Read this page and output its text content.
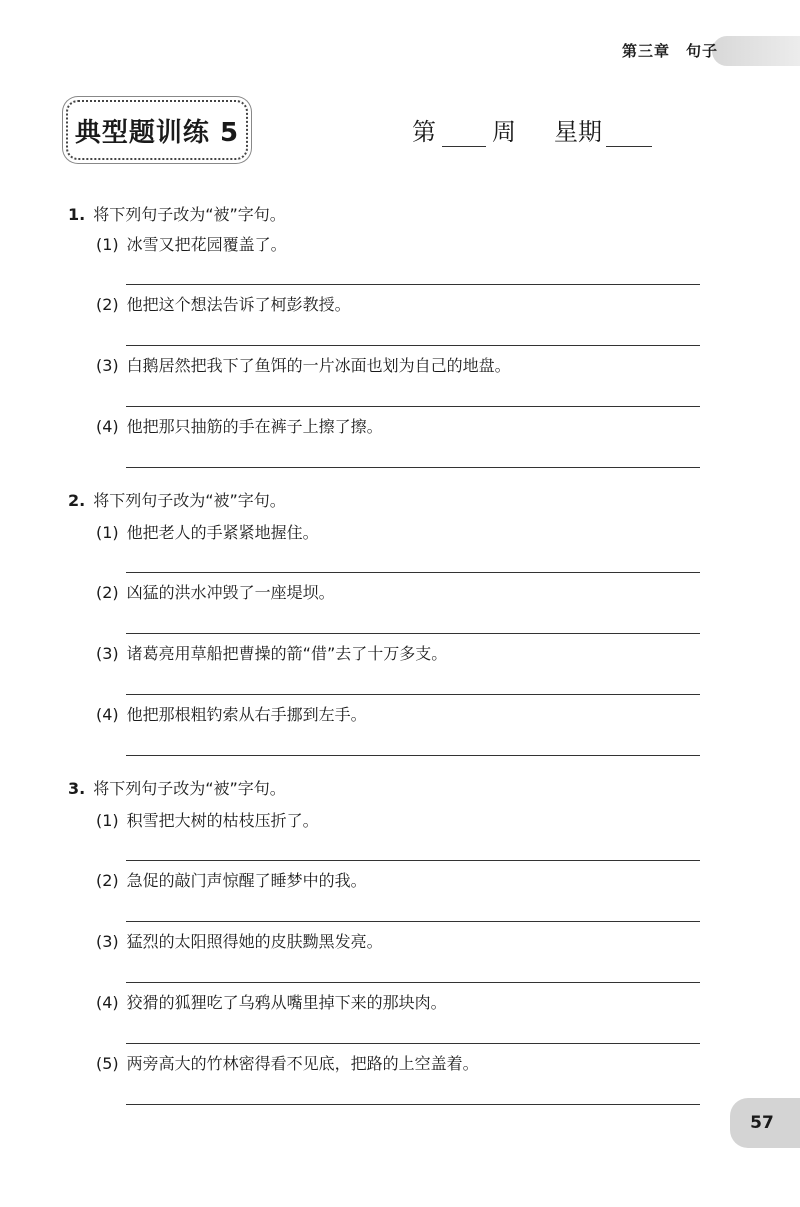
第三章　句子
典型题训练 5	第 周 星期
1. 将下列句子改为“被”字句。
(1) 冰雪又把花园覆盖了。
(2) 他把这个想法告诉了柯彭教授。
(3) 白鹅居然把我下了鱼饵的一片冰面也划为自己的地盘。
(4) 他把那只抽筋的手在裤子上擦了擦。
2. 将下列句子改为“被”字句。
(1) 他把老人的手紧紧地握住。
(2) 凶猛的洪水冲毁了一座堤坝。
(3) 诸葛亮用草船把曹操的箭“借”去了十万多支。
(4) 他把那根粗钓索从右手挪到左手。
3. 将下列句子改为“被”字句。
(1) 积雪把大树的枯枝压折了。
(2) 急促的敲门声惊醒了睡梦中的我。
(3) 猛烈的太阳照得她的皮肤黝黑发亮。
(4) 狡猾的狐狸吃了乌鸦从嘴里掉下来的那块肉。
(5) 两旁高大的竹林密得看不见底，把路的上空盖着。
57
